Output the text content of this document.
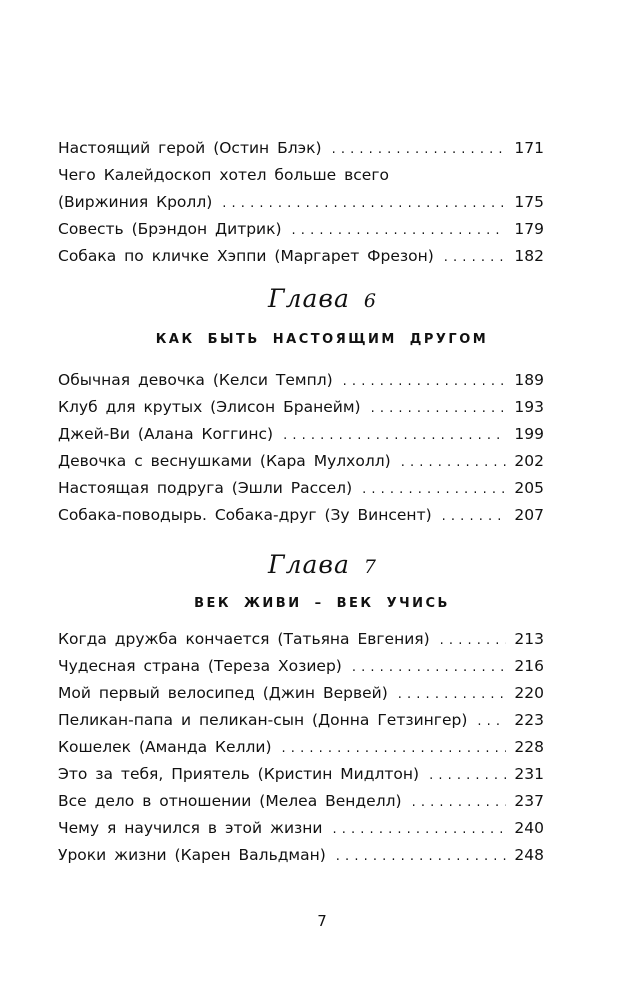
Настоящий герой (Остин Блэк) . . .	171
Чего Калейдоскоп хотел больше всего
(Виржиния Кролл) . . .	175
Совесть (Брэндон Дитрик) . . .	179
Собака по кличке Хэппи (Маргарет Фрезон) . . .	182
Глава 6
КАК БЫТЬ НАСТОЯЩИМ ДРУГОМ
Обычная девочка (Келси Темпл) . . .	189
Клуб для крутых (Элисон Бранейм) . . .	193
Джей-Ви (Алана Коггинс) . . .	199
Девочка с веснушками (Кара Мулхолл) . . .	202
Настоящая подруга (Эшли Рассел) . . .	205
Собака-поводырь. Собака-друг (Зу Винсент) . . .	207
Глава 7
ВЕК ЖИВИ – ВЕК УЧИСЬ
Когда дружба кончается (Татьяна Евгения) . . .	213
Чудесная страна (Тереза Хозиер) . . .	216
Мой первый велосипед (Джин Вервей) . . .	220
Пеликан-папа и пеликан-сын (Донна Гетзингер) . . .	223
Кошелек (Аманда Келли) . . .	228
Это за тебя, Приятель (Кристин Мидлтон) . . .	231
Все дело в отношении (Мелеа Венделл) . . .	237
Чему я научился в этой жизни . . .	240
Уроки жизни (Карен Вальдман) . . .	248
7
